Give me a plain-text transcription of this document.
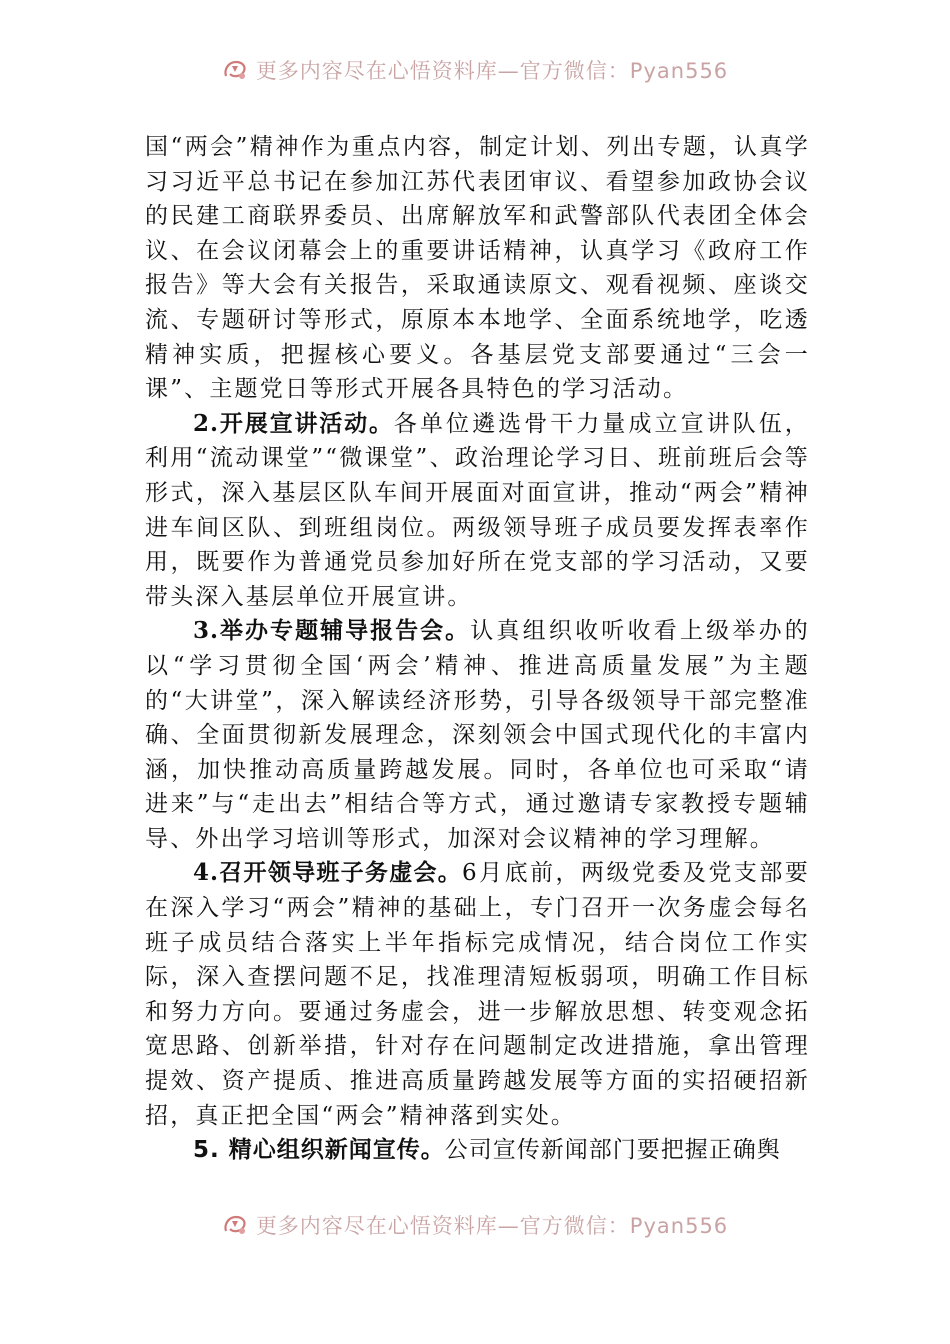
更多内容尽在心悟资料库—官方微信：Pyan556

国“两会”精神作为重点内容，制定计划、列出专题，认真学习习近平总书记在参加江苏代表团审议、看望参加政协会议的民建工商联界委员、出席解放军和武警部队代表团全体会议、在会议闭幕会上的重要讲话精神，认真学习《政府工作报告》等大会有关报告，采取通读原文、观看视频、座谈交流、专题研讨等形式，原原本本地学、全面系统地学，吃透精神实质，把握核心要义。各基层党支部要通过“三会一课”、主题党日等形式开展各具特色的学习活动。

2.开展宣讲活动。各单位遴选骨干力量成立宣讲队伍，利用“流动课堂”“微课堂”、政治理论学习日、班前班后会等形式，深入基层区队车间开展面对面宣讲，推动“两会”精神进车间区队、到班组岗位。两级领导班子成员要发挥表率作用，既要作为普通党员参加好所在党支部的学习活动，又要带头深入基层单位开展宣讲。

3.举办专题辅导报告会。认真组织收听收看上级举办的以“学习贯彻全国‘两会’精神、推进高质量发展”为主题的“大讲堂”，深入解读经济形势，引导各级领导干部完整准确、全面贯彻新发展理念，深刻领会中国式现代化的丰富内涵，加快推动高质量跨越发展。同时，各单位也可采取“请进来”与“走出去”相结合等方式，通过邀请专家教授专题辅导、外出学习培训等形式，加深对会议精神的学习理解。

4.召开领导班子务虚会。6月底前，两级党委及党支部要在深入学习“两会”精神的基础上，专门召开一次务虚会每名班子成员结合落实上半年指标完成情况，结合岗位工作实际，深入查摆问题不足，找准理清短板弱项，明确工作目标和努力方向。要通过务虚会，进一步解放思想、转变观念拓宽思路、创新举措，针对存在问题制定改进措施，拿出管理提效、资产提质、推进高质量跨越发展等方面的实招硬招新招，真正把全国“两会”精神落到实处。

5. 精心组织新闻宣传。公司宣传新闻部门要把握正确舆

更多内容尽在心悟资料库—官方微信：Pyan556
